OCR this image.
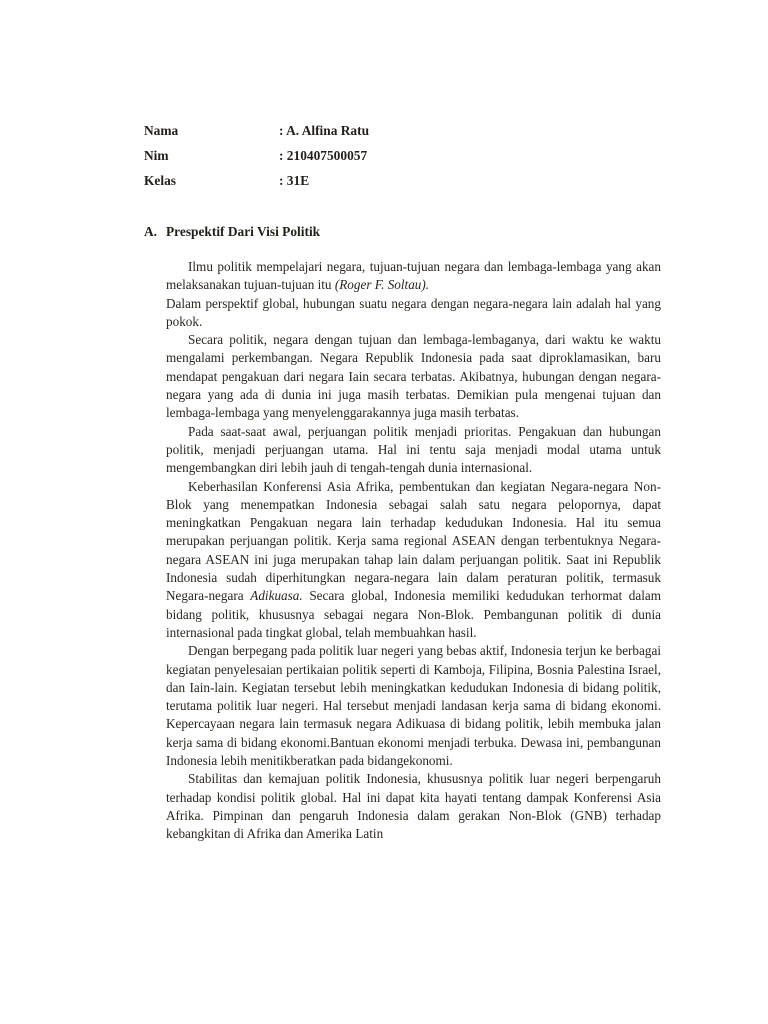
Nama	: A. Alfina Ratu
Nim	: 210407500057
Kelas	: 31E
A. Prespektif Dari Visi Politik

Ilmu politik mempelajari negara, tujuan-tujuan negara dan lembaga-lembaga yang akan melaksanakan tujuan-tujuan itu (Roger F. Soltau).

Dalam perspektif global, hubungan suatu negara dengan negara-negara lain adalah hal yang pokok.

Secara politik, negara dengan tujuan dan lembaga-lembaganya, dari waktu ke waktu mengalami perkembangan. Negara Republik Indonesia pada saat diproklamasikan, baru mendapat pengakuan dari negara Iain secara terbatas. Akibatnya, hubungan dengan negara-negara yang ada di dunia ini juga masih terbatas. Demikian pula mengenai tujuan dan lembaga-lembaga yang menyelenggarakannya juga masih terbatas.

Pada saat-saat awal, perjuangan politik menjadi prioritas. Pengakuan dan hubungan politik, menjadi perjuangan utama. Hal ini tentu saja menjadi modal utama untuk mengembangkan diri lebih jauh di tengah-tengah dunia internasional.

Keberhasilan Konferensi Asia Afrika, pembentukan dan kegiatan Negara-negara Non-Blok yang menempatkan Indonesia sebagai salah satu negara pelopornya, dapat meningkatkan Pengakuan negara lain terhadap kedudukan Indonesia. Hal itu semua merupakan perjuangan politik. Kerja sama regional ASEAN dengan terbentuknya Negara-negara ASEAN ini juga merupakan tahap lain dalam perjuangan politik. Saat ini Republik Indonesia sudah diperhitungkan negara-negara lain dalam peraturan politik, termasuk Negara-negara Adikuasa. Secara global, Indonesia memiliki kedudukan terhormat dalam bidang politik, khususnya sebagai negara Non-Blok. Pembangunan politik di dunia internasional pada tingkat global, telah membuahkan hasil.

Dengan berpegang pada politik luar negeri yang bebas aktif, Indonesia terjun ke berbagai kegiatan penyelesaian pertikaian politik seperti di Kamboja, Filipina, Bosnia Palestina Israel, dan Iain-lain. Kegiatan tersebut lebih meningkatkan kedudukan Indonesia di bidang politik, terutama politik luar negeri. Hal tersebut menjadi landasan kerja sama di bidang ekonomi. Kepercayaan negara lain termasuk negara Adikuasa di bidang politik, lebih membuka jalan kerja sama di bidang ekonomi.Bantuan ekonomi menjadi terbuka. Dewasa ini, pembangunan Indonesia lebih menitikberatkan pada bidangekonomi.

Stabilitas dan kemajuan politik Indonesia, khususnya politik luar negeri berpengaruh terhadap kondisi politik global. Hal ini dapat kita hayati tentang dampak Konferensi Asia Afrika. Pimpinan dan pengaruh Indonesia dalam gerakan Non-Blok (GNB) terhadap kebangkitan di Afrika dan Amerika Latin
